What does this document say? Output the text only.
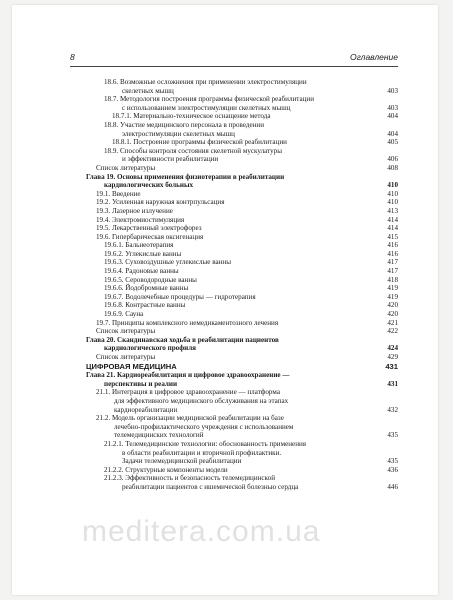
8	Оглавление
18.6. Возможные осложнения при применении электростимуляции
скелетных мышц	403
18.7. Методология построения программы физической реабилитации
с использованием электростимуляции скелетных мышц	403
18.7.1. Материально-техническое оснащение метода	404
18.8. Участие медицинского персонала в проведении
электростимуляции скелетных мышц	404
18.8.1. Построение программы физической реабилитации	405
18.9. Способы контроля состояния скелетной мускулатуры
и эффективности реабилитации	406
Список литературы	408
Глава 19. Основы применения физиотерапии в реабилитации
кардиологических больных	410
19.1. Введение	410
19.2. Усиленная наружная контрпульсация	410
19.3. Лазерное излучение	413
19.4. Электромиостимуляция	414
19.5. Лекарственный электрофорез	414
19.6. Гипербарическая оксигенация	415
19.6.1. Бальнеотерапия	416
19.6.2. Углекислые ванны	416
19.6.3. Суховоздушные углекислые ванны	417
19.6.4. Радоновые ванны	417
19.6.5. Сероводородные ванны	418
19.6.6. Йодобромные ванны	419
19.6.7. Водолечебные процедуры — гидротерапия	419
19.6.8. Контрастные ванны	420
19.6.9. Сауна	420
19.7. Принципы комплексного немедикаментозного лечения	421
Список литературы	422
Глава 20. Скандинавская ходьба в реабилитации пациентов
кардиологического профиля	424
Список литературы	429
ЦИФРОВАЯ МЕДИЦИНА	431
Глава 21. Кардиореабилитация и цифровое здравоохранение —
перспективы и реалии	431
21.1. Интеграция в цифровое здравоохранение — платформа
для эффективного медицинского обслуживания на этапах
кардиореабилитации	432
21.2. Модель организации медицинской реабилитации на базе
лечебно-профилактического учреждения с использованием
телемедицинских технологий	435
21.2.1. Телемедицинские технологии: обоснованность применения
в области реабилитации и вторичной профилактики.
Задачи телемедицинской реабилитации	435
21.2.2. Структурные компоненты модели	436
21.2.3. Эффективность и безопасность телемедицинской
реабилитации пациентов с ишемической болезнью сердца	446
meditera.com.ua
